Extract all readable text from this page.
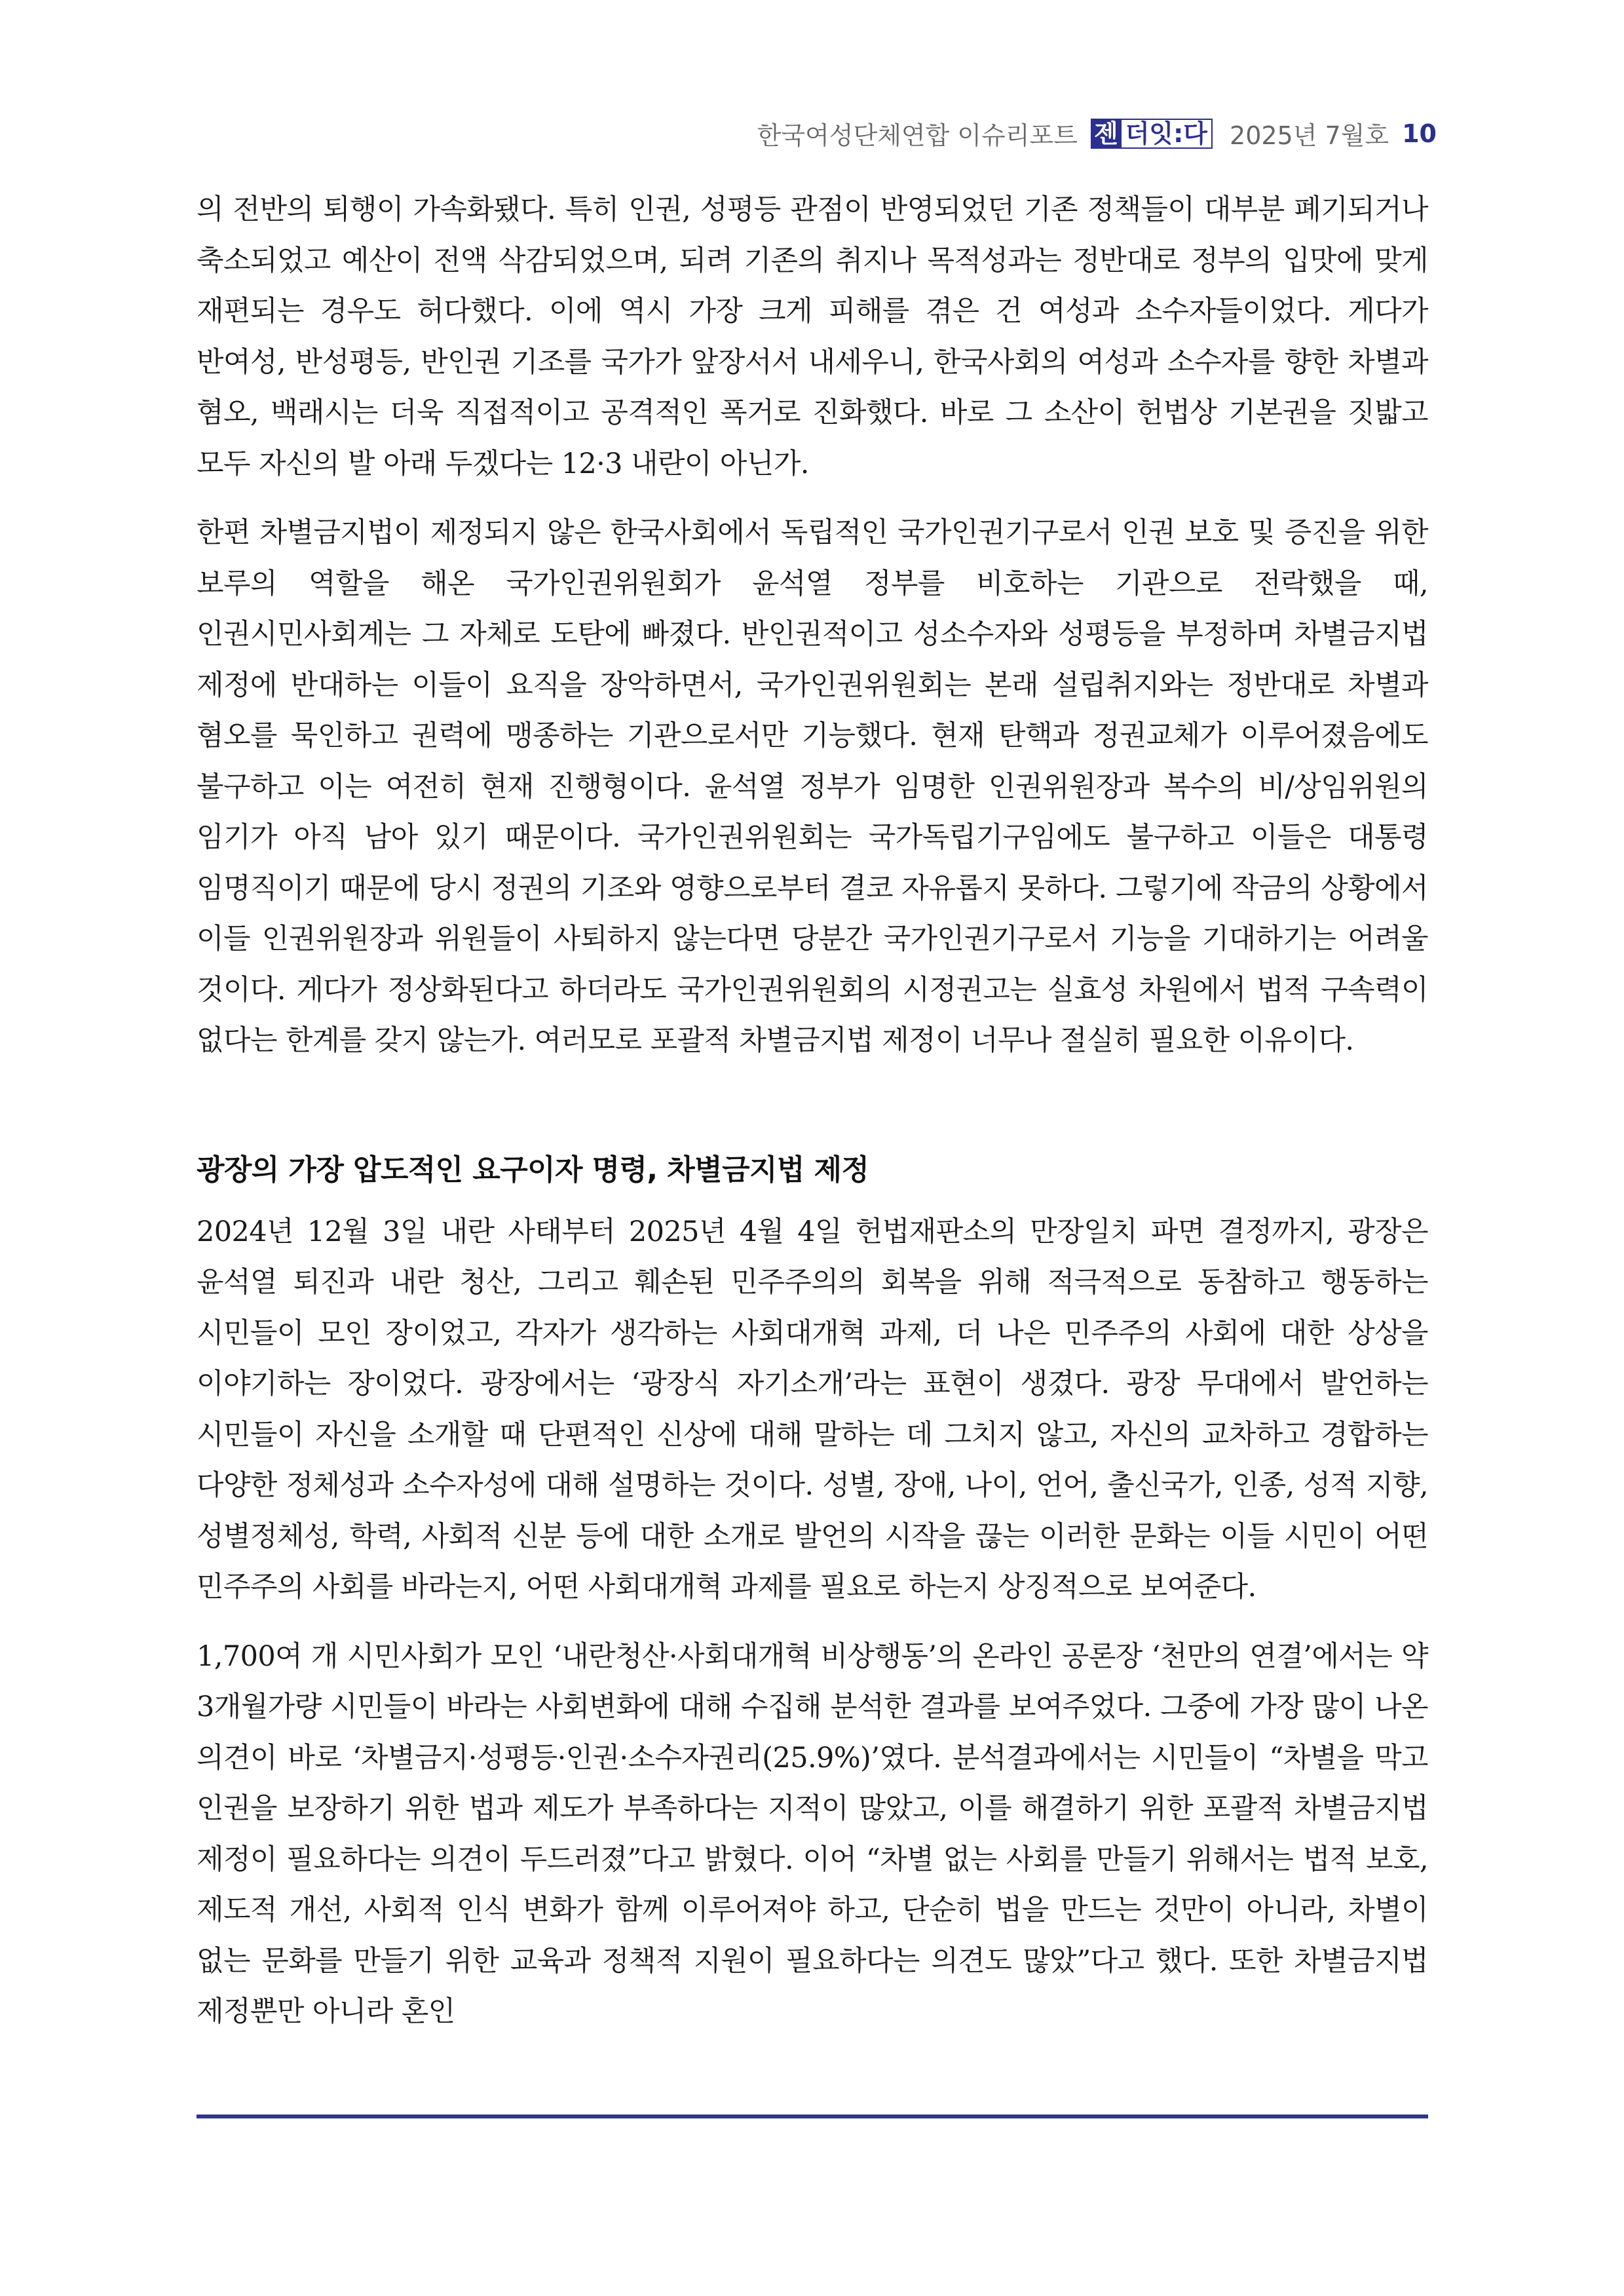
한국여성단체연합 이슈리포트 젠 더잇:다 2025년 7월호 10

의 전반의 퇴행이 가속화됐다. 특히 인권, 성평등 관점이 반영되었던 기존 정책들이 대부분 폐기되거나 축소되었고 예산이 전액 삭감되었으며, 되려 기존의 취지나 목적성과는 정반대로 정부의 입맛에 맞게 재편되는 경우도 허다했다. 이에 역시 가장 크게 피해를 겪은 건 여성과 소수자들이었다. 게다가 반여성, 반성평등, 반인권 기조를 국가가 앞장서서 내세우니, 한국사회의 여성과 소수자를 향한 차별과 혐오, 백래시는 더욱 직접적이고 공격적인 폭거로 진화했다. 바로 그 소산이 헌법상 기본권을 짓밟고 모두 자신의 발 아래 두겠다는 12·3 내란이 아닌가.

한편 차별금지법이 제정되지 않은 한국사회에서 독립적인 국가인권기구로서 인권 보호 및 증진을 위한 보루의 역할을 해온 국가인권위원회가 윤석열 정부를 비호하는 기관으로 전락했을 때, 인권시민사회계는 그 자체로 도탄에 빠졌다. 반인권적이고 성소수자와 성평등을 부정하며 차별금지법 제정에 반대하는 이들이 요직을 장악하면서, 국가인권위원회는 본래 설립취지와는 정반대로 차별과 혐오를 묵인하고 권력에 맹종하는 기관으로서만 기능했다. 현재 탄핵과 정권교체가 이루어졌음에도 불구하고 이는 여전히 현재 진행형이다. 윤석열 정부가 임명한 인권위원장과 복수의 비/상임위원의 임기가 아직 남아 있기 때문이다. 국가인권위원회는 국가독립기구임에도 불구하고 이들은 대통령 임명직이기 때문에 당시 정권의 기조와 영향으로부터 결코 자유롭지 못하다. 그렇기에 작금의 상황에서 이들 인권위원장과 위원들이 사퇴하지 않는다면 당분간 국가인권기구로서 기능을 기대하기는 어려울 것이다. 게다가 정상화된다고 하더라도 국가인권위원회의 시정권고는 실효성 차원에서 법적 구속력이 없다는 한계를 갖지 않는가. 여러모로 포괄적 차별금지법 제정이 너무나 절실히 필요한 이유이다.

광장의 가장 압도적인 요구이자 명령, 차별금지법 제정

2024년 12월 3일 내란 사태부터 2025년 4월 4일 헌법재판소의 만장일치 파면 결정까지, 광장은 윤석열 퇴진과 내란 청산, 그리고 훼손된 민주주의의 회복을 위해 적극적으로 동참하고 행동하는 시민들이 모인 장이었고, 각자가 생각하는 사회대개혁 과제, 더 나은 민주주의 사회에 대한 상상을 이야기하는 장이었다. 광장에서는 ‘광장식 자기소개’라는 표현이 생겼다. 광장 무대에서 발언하는 시민들이 자신을 소개할 때 단편적인 신상에 대해 말하는 데 그치지 않고, 자신의 교차하고 경합하는 다양한 정체성과 소수자성에 대해 설명하는 것이다. 성별, 장애, 나이, 언어, 출신국가, 인종, 성적 지향, 성별정체성, 학력, 사회적 신분 등에 대한 소개로 발언의 시작을 끊는 이러한 문화는 이들 시민이 어떤 민주주의 사회를 바라는지, 어떤 사회대개혁 과제를 필요로 하는지 상징적으로 보여준다.

1,700여 개 시민사회가 모인 ‘내란청산·사회대개혁 비상행동’의 온라인 공론장 ‘천만의 연결’에서는 약 3개월가량 시민들이 바라는 사회변화에 대해 수집해 분석한 결과를 보여주었다. 그중에 가장 많이 나온 의견이 바로 ‘차별금지·성평등·인권·소수자권리(25.9%)’였다. 분석결과에서는 시민들이 “차별을 막고 인권을 보장하기 위한 법과 제도가 부족하다는 지적이 많았고, 이를 해결하기 위한 포괄적 차별금지법 제정이 필요하다는 의견이 두드러졌”다고 밝혔다. 이어 “차별 없는 사회를 만들기 위해서는 법적 보호, 제도적 개선, 사회적 인식 변화가 함께 이루어져야 하고, 단순히 법을 만드는 것만이 아니라, 차별이 없는 문화를 만들기 위한 교육과 정책적 지원이 필요하다는 의견도 많았”다고 했다. 또한 차별금지법 제정뿐만 아니라 혼인
